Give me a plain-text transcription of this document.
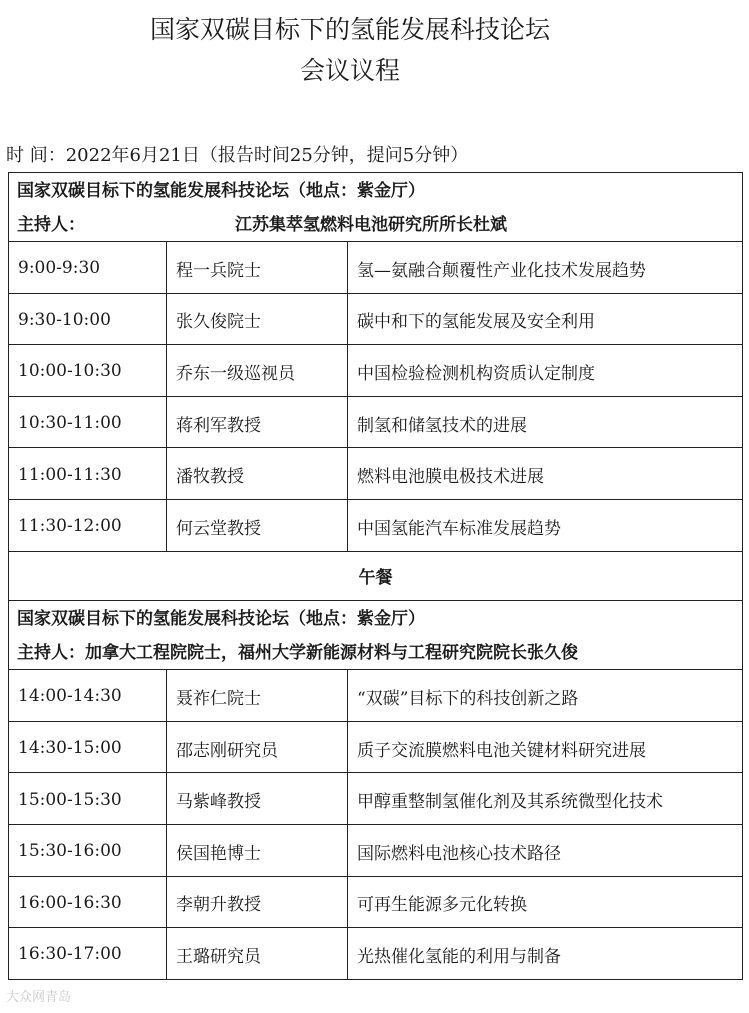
国家双碳目标下的氢能发展科技论坛
会议议程
时 间：2022年6月21日（报告时间25分钟，提问5分钟）
国家双碳目标下的氢能发展科技论坛（地点：紫金厅）
主持人： 江苏集萃氢燃料电池研究所所长杜斌		

9:00-9:30	程一兵院士	氢—氨融合颠覆性产业化技术发展趋势
9:30-10:00	张久俊院士	碳中和下的氢能发展及安全利用
10:00-10:30	乔东一级巡视员	中国检验检测机构资质认定制度
10:30-11:00	蒋利军教授	制氢和储氢技术的进展
11:00-11:30	潘牧教授	燃料电池膜电极技术进展
11:30-12:00	何云堂教授	中国氢能汽车标准发展趋势
午餐		

国家双碳目标下的氢能发展科技论坛（地点：紫金厅）
主持人：加拿大工程院院士，福州大学新能源材料与工程研究院院长张久俊		

14:00-14:30	聂祚仁院士	“双碳”目标下的科技创新之路
14:30-15:00	邵志刚研究员	质子交流膜燃料电池关键材料研究进展
15:00-15:30	马紫峰教授	甲醇重整制氢催化剂及其系统微型化技术
15:30-16:00	侯国艳博士	国际燃料电池核心技术路径
16:00-16:30	李朝升教授	可再生能源多元化转换
16:30-17:00	王璐研究员	光热催化氢能的利用与制备
大众网青岛
